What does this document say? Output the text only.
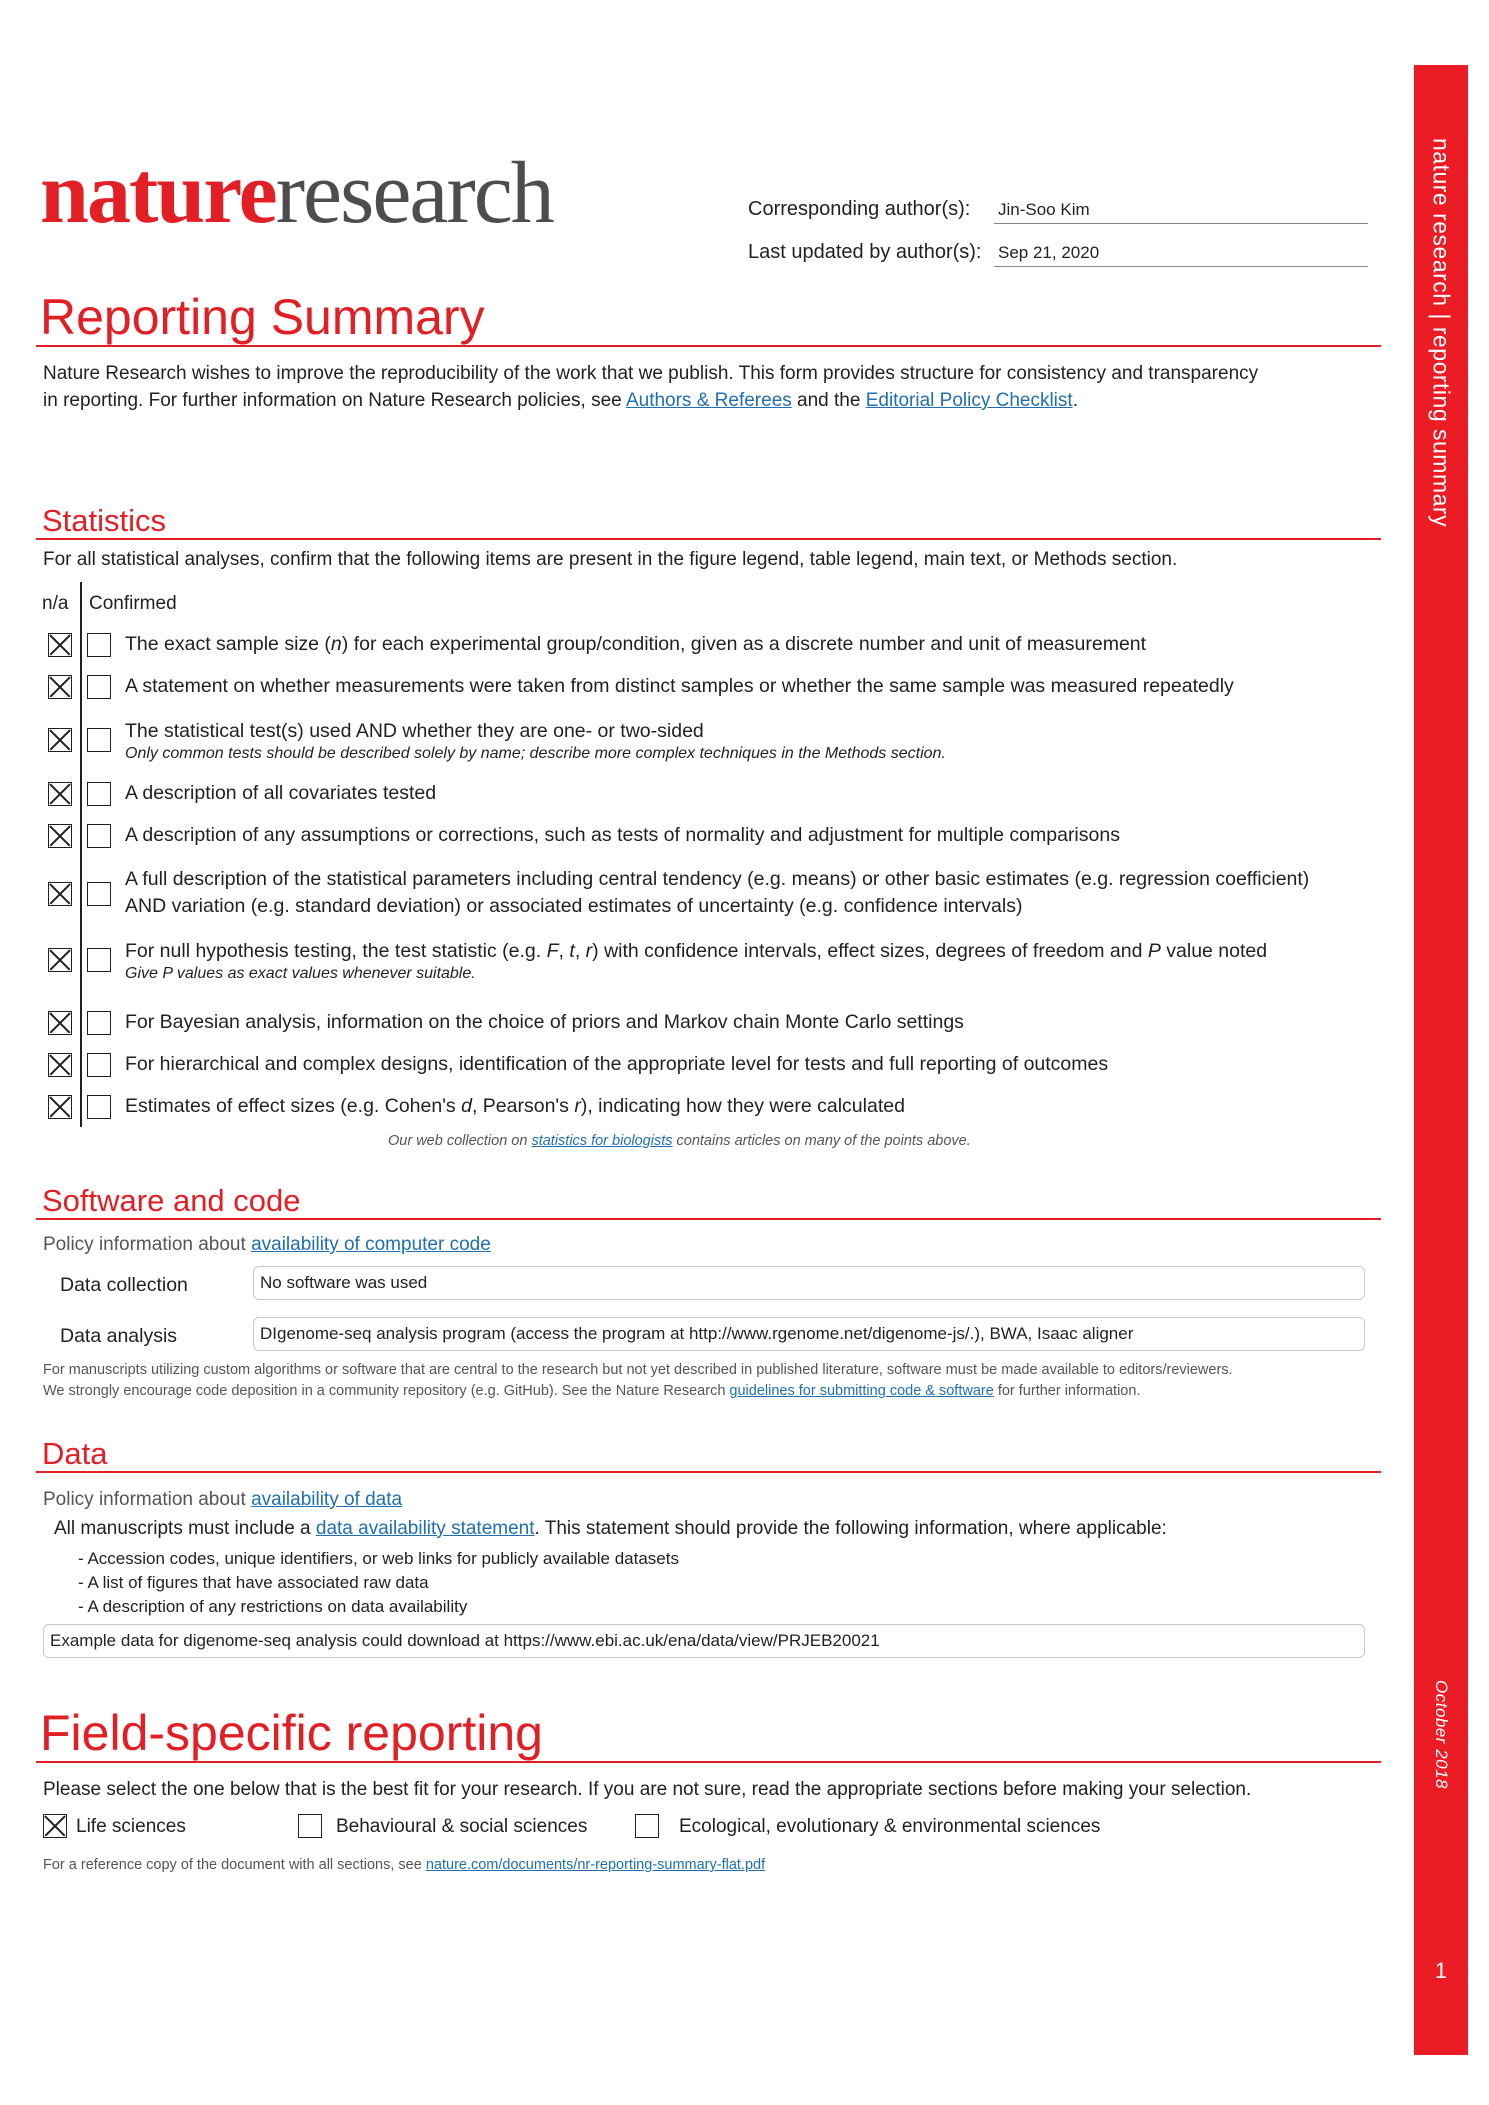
nature research | reporting summary
October 2018
1
natureresearch	Corresponding author(s): Jin-Soo Kim
Last updated by author(s): Sep 21, 2020
Reporting Summary
Nature Research wishes to improve the reproducibility of the work that we publish. This form provides structure for consistency and transparency
in reporting. For further information on Nature Research policies, see Authors & Referees and the Editorial Policy Checklist.
Statistics
For all statistical analyses, confirm that the following items are present in the figure legend, table legend, main text, or Methods section.
n/a Confirmed
The exact sample size (n) for each experimental group/condition, given as a discrete number and unit of measurement
A statement on whether measurements were taken from distinct samples or whether the same sample was measured repeatedly
The statistical test(s) used AND whether they are one- or two-sided
Only common tests should be described solely by name; describe more complex techniques in the Methods section.
A description of all covariates tested
A description of any assumptions or corrections, such as tests of normality and adjustment for multiple comparisons
A full description of the statistical parameters including central tendency (e.g. means) or other basic estimates (e.g. regression coefficient)
AND variation (e.g. standard deviation) or associated estimates of uncertainty (e.g. confidence intervals)
For null hypothesis testing, the test statistic (e.g. F, t, r) with confidence intervals, effect sizes, degrees of freedom and P value noted
Give P values as exact values whenever suitable.
For Bayesian analysis, information on the choice of priors and Markov chain Monte Carlo settings
For hierarchical and complex designs, identification of the appropriate level for tests and full reporting of outcomes
Estimates of effect sizes (e.g. Cohen's d, Pearson's r), indicating how they were calculated
Our web collection on statistics for biologists contains articles on many of the points above.
Software and code
Policy information about availability of computer code
Data collection	No software was used
Data analysis	DIgenome-seq analysis program (access the program at http://www.rgenome.net/digenome-js/.), BWA, Isaac aligner
For manuscripts utilizing custom algorithms or software that are central to the research but not yet described in published literature, software must be made available to editors/reviewers.
We strongly encourage code deposition in a community repository (e.g. GitHub). See the Nature Research guidelines for submitting code & software for further information.
Data
Policy information about availability of data
All manuscripts must include a data availability statement. This statement should provide the following information, where applicable:
- Accession codes, unique identifiers, or web links for publicly available datasets
- A list of figures that have associated raw data
- A description of any restrictions on data availability
Example data for digenome-seq analysis could download at https://www.ebi.ac.uk/ena/data/view/PRJEB20021
Field-specific reporting
Please select the one below that is the best fit for your research. If you are not sure, read the appropriate sections before making your selection.
Life sciences	Behavioural & social sciences	Ecological, evolutionary & environmental sciences
For a reference copy of the document with all sections, see nature.com/documents/nr-reporting-summary-flat.pdf
